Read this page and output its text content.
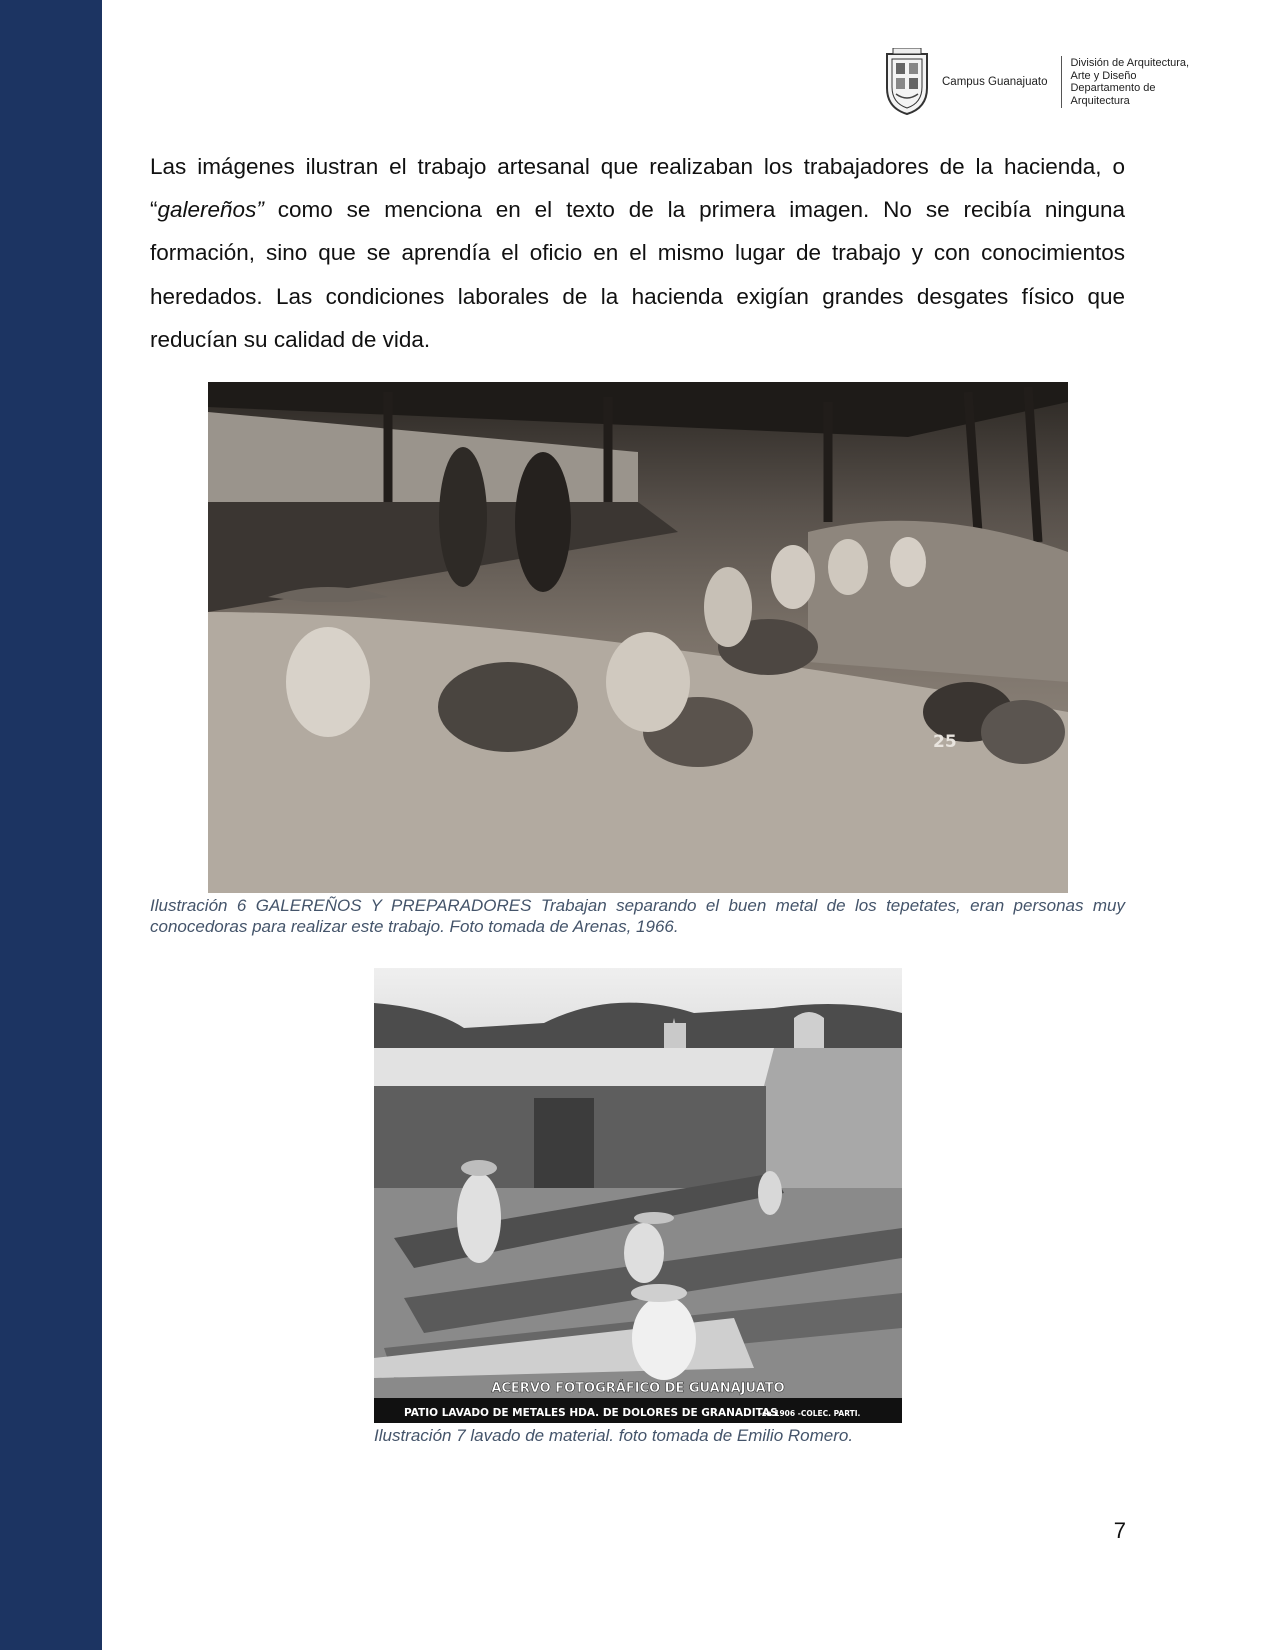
Campus Guanajuato
División de Arquitectura,
Arte y Diseño
Departamento de
Arquitectura

Las imágenes ilustran el trabajo artesanal que realizaban los trabajadores de la hacienda, o “galereños” como se menciona en el texto de la primera imagen. No se recibía ninguna formación, sino que se aprendía el oficio en el mismo lugar de trabajo y con conocimientos heredados. Las condiciones laborales de la hacienda exigían grandes desgates físico que reducían su calidad de vida.

25

Ilustración 6 GALEREÑOS Y PREPARADORES Trabajan separando el buen metal de los tepetates, eran personas muy conocedoras para realizar este trabajo. Foto tomada de Arenas, 1966.

ACERVO FOTOGRÁFICO DE GUANAJUATO
PATIO LAVADO DE METALES HDA. DE DOLORES DE GRANADITAS
-ca 1906 -COLEC. PARTI.

Ilustración 7 lavado de material. foto tomada de Emilio Romero.

7
